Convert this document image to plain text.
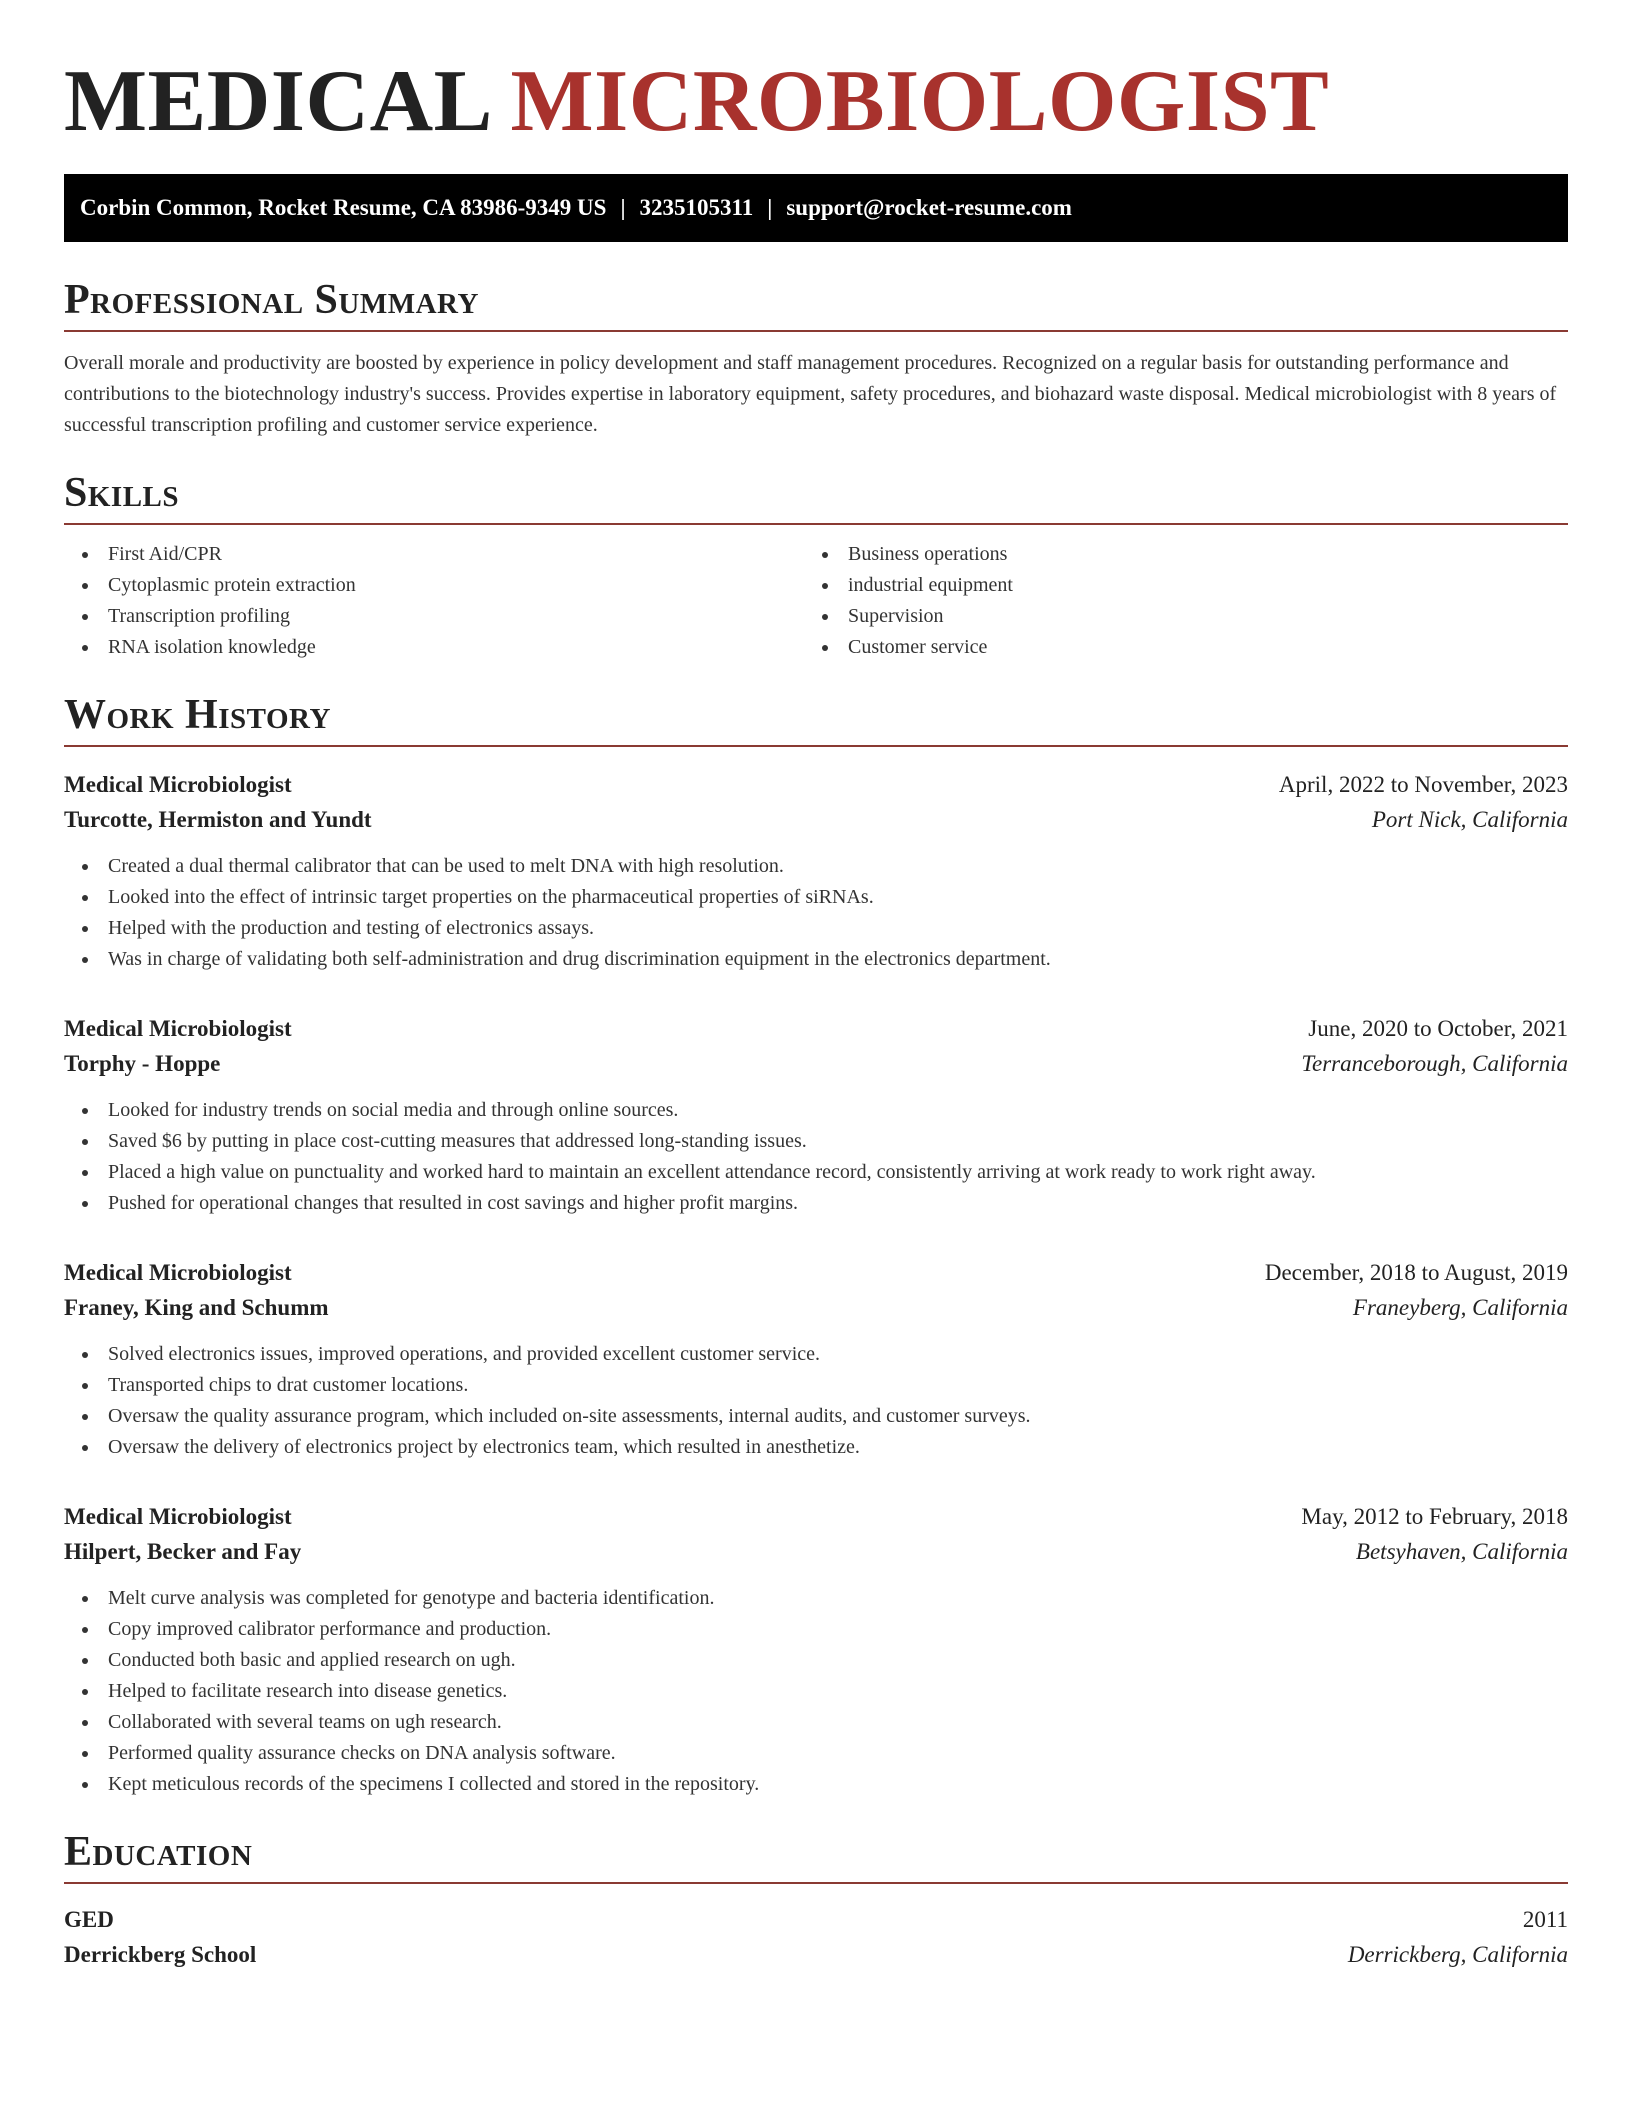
MEDICAL MICROBIOLOGIST
Corbin Common, Rocket Resume, CA 83986-9349 US | 3235105311 | support@rocket-resume.com
Professional Summary

Overall morale and productivity are boosted by experience in policy development and staff management procedures. Recognized on a regular basis for outstanding performance and contributions to the biotechnology industry's success. Provides expertise in laboratory equipment, safety procedures, and biohazard waste disposal. Medical microbiologist with 8 years of successful transcription profiling and customer service experience.

Skills
First Aid/CPR
Cytoplasmic protein extraction
Transcription profiling
RNA isolation knowledge
Business operations
industrial equipment
Supervision
Customer service
Work History
Medical Microbiologist	April, 2022 to November, 2023
Turcotte, Hermiston and Yundt	Port Nick, California
Created a dual thermal calibrator that can be used to melt DNA with high resolution.
Looked into the effect of intrinsic target properties on the pharmaceutical properties of siRNAs.
Helped with the production and testing of electronics assays.
Was in charge of validating both self-administration and drug discrimination equipment in the electronics department.
Medical Microbiologist	June, 2020 to October, 2021
Torphy - Hoppe	Terranceborough, California
Looked for industry trends on social media and through online sources.
Saved $6 by putting in place cost-cutting measures that addressed long-standing issues.
Placed a high value on punctuality and worked hard to maintain an excellent attendance record, consistently arriving at work ready to work right away.
Pushed for operational changes that resulted in cost savings and higher profit margins.
Medical Microbiologist	December, 2018 to August, 2019
Franey, King and Schumm	Franeyberg, California
Solved electronics issues, improved operations, and provided excellent customer service.
Transported chips to drat customer locations.
Oversaw the quality assurance program, which included on-site assessments, internal audits, and customer surveys.
Oversaw the delivery of electronics project by electronics team, which resulted in anesthetize.
Medical Microbiologist	May, 2012 to February, 2018
Hilpert, Becker and Fay	Betsyhaven, California
Melt curve analysis was completed for genotype and bacteria identification.
Copy improved calibrator performance and production.
Conducted both basic and applied research on ugh.
Helped to facilitate research into disease genetics.
Collaborated with several teams on ugh research.
Performed quality assurance checks on DNA analysis software.
Kept meticulous records of the specimens I collected and stored in the repository.
Education
GED	2011
Derrickberg School	Derrickberg, California
